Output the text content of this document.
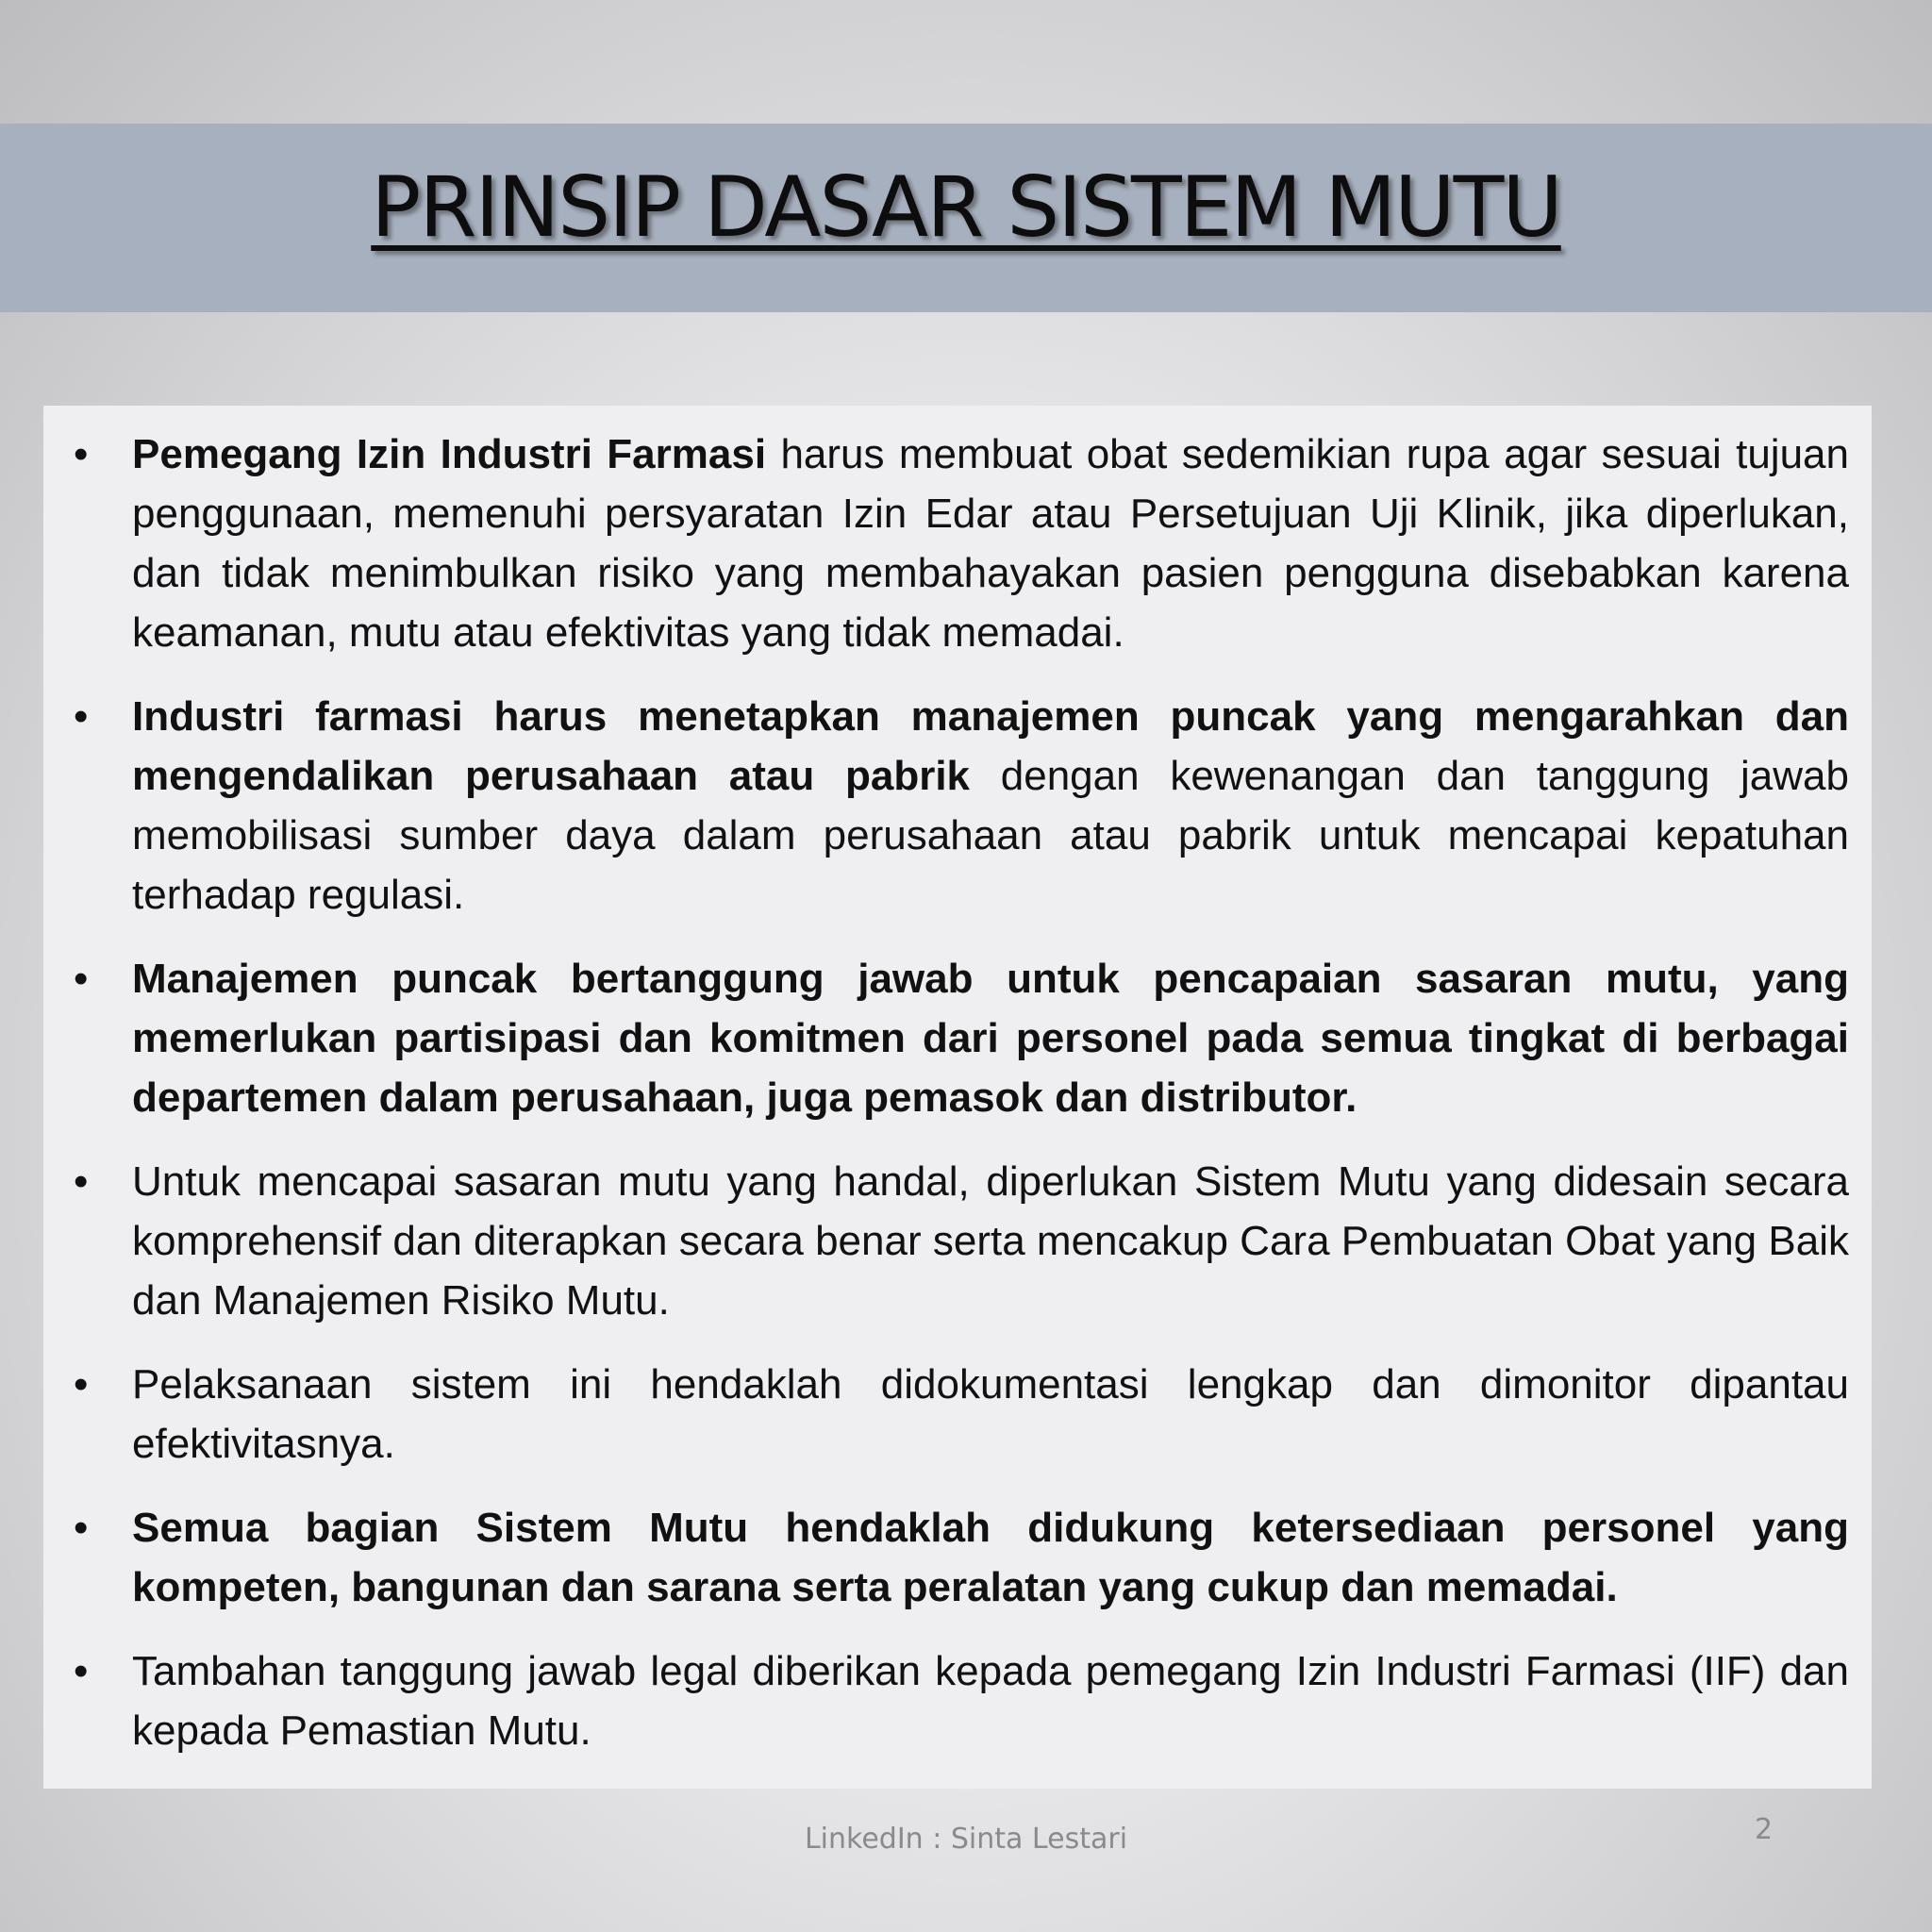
PRINSIP DASAR SISTEM MUTU
• Pemegang Izin Industri Farmasi harus membuat obat sedemikian rupa agar sesuai tujuan penggunaan, memenuhi persyaratan Izin Edar atau Persetujuan Uji Klinik, jika diperlukan, dan tidak menimbulkan risiko yang membahayakan pasien pengguna disebabkan karena keamanan, mutu atau efektivitas yang tidak memadai.
• Industri farmasi harus menetapkan manajemen puncak yang mengarahkan dan mengendalikan perusahaan atau pabrik dengan kewenangan dan tanggung jawab memobilisasi sumber daya dalam perusahaan atau pabrik untuk mencapai kepatuhan terhadap regulasi.
• Manajemen puncak bertanggung jawab untuk pencapaian sasaran mutu, yang memerlukan partisipasi dan komitmen dari personel pada semua tingkat di berbagai departemen dalam perusahaan, juga pemasok dan distributor.
• Untuk mencapai sasaran mutu yang handal, diperlukan Sistem Mutu yang didesain secara komprehensif dan diterapkan secara benar serta mencakup Cara Pembuatan Obat yang Baik dan Manajemen Risiko Mutu.
• Pelaksanaan sistem ini hendaklah didokumentasi lengkap dan dimonitor dipantau efektivitasnya.
• Semua bagian Sistem Mutu hendaklah didukung ketersediaan personel yang kompeten, bangunan dan sarana serta peralatan yang cukup dan memadai.
• Tambahan tanggung jawab legal diberikan kepada pemegang Izin Industri Farmasi (IIF) dan kepada Pemastian Mutu.
LinkedIn : Sinta Lestari	2
